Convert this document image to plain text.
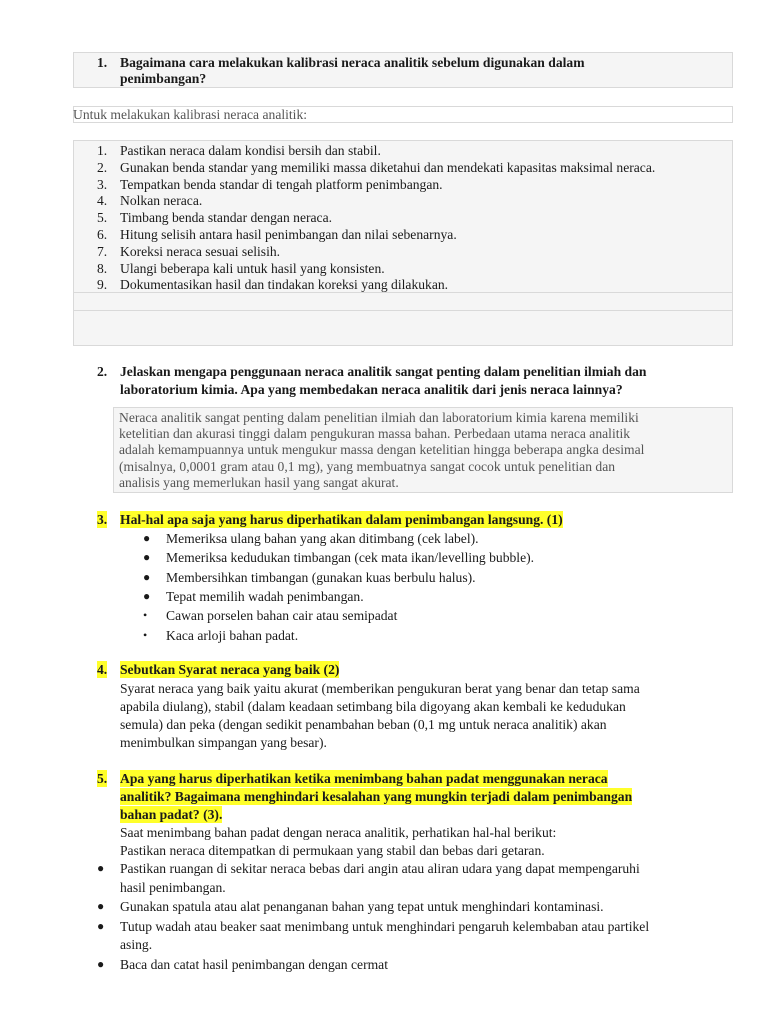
1. Bagaimana cara melakukan kalibrasi neraca analitik sebelum digunakan dalam
penimbangan?
Untuk melakukan kalibrasi neraca analitik:
1. Pastikan neraca dalam kondisi bersih dan stabil.
2. Gunakan benda standar yang memiliki massa diketahui dan mendekati kapasitas maksimal neraca.
3. Tempatkan benda standar di tengah platform penimbangan.
4. Nolkan neraca.
5. Timbang benda standar dengan neraca.
6. Hitung selisih antara hasil penimbangan dan nilai sebenarnya.
7. Koreksi neraca sesuai selisih.
8. Ulangi beberapa kali untuk hasil yang konsisten.
9. Dokumentasikan hasil dan tindakan koreksi yang dilakukan.
2. Jelaskan mengapa penggunaan neraca analitik sangat penting dalam penelitian ilmiah dan
laboratorium kimia. Apa yang membedakan neraca analitik dari jenis neraca lainnya?
Neraca analitik sangat penting dalam penelitian ilmiah dan laboratorium kimia karena memiliki
ketelitian dan akurasi tinggi dalam pengukuran massa bahan. Perbedaan utama neraca analitik
adalah kemampuannya untuk mengukur massa dengan ketelitian hingga beberapa angka desimal
(misalnya, 0,0001 gram atau 0,1 mg), yang membuatnya sangat cocok untuk penelitian dan
analisis yang memerlukan hasil yang sangat akurat.
3. Hal-hal apa saja yang harus diperhatikan dalam penimbangan langsung. (1)
● Memeriksa ulang bahan yang akan ditimbang (cek label).
● Memeriksa kedudukan timbangan (cek mata ikan/levelling bubble).
● Membersihkan timbangan (gunakan kuas berbulu halus).
● Tepat memilih wadah penimbangan.
• Cawan porselen bahan cair atau semipadat
• Kaca arloji bahan padat.
4. Sebutkan Syarat neraca yang baik (2)
Syarat neraca yang baik yaitu akurat (memberikan pengukuran berat yang benar dan tetap sama
apabila diulang), stabil (dalam keadaan setimbang bila digoyang akan kembali ke kedudukan
semula) dan peka (dengan sedikit penambahan beban (0,1 mg untuk neraca analitik) akan
menimbulkan simpangan yang besar).
5. Apa yang harus diperhatikan ketika menimbang bahan padat menggunakan neraca
analitik? Bagaimana menghindari kesalahan yang mungkin terjadi dalam penimbangan
bahan padat? (3).
Saat menimbang bahan padat dengan neraca analitik, perhatikan hal-hal berikut:
Pastikan neraca ditempatkan di permukaan yang stabil dan bebas dari getaran.
● Pastikan ruangan di sekitar neraca bebas dari angin atau aliran udara yang dapat mempengaruhi
hasil penimbangan.
● Gunakan spatula atau alat penanganan bahan yang tepat untuk menghindari kontaminasi.
● Tutup wadah atau beaker saat menimbang untuk menghindari pengaruh kelembaban atau partikel
asing.
● Baca dan catat hasil penimbangan dengan cermat
